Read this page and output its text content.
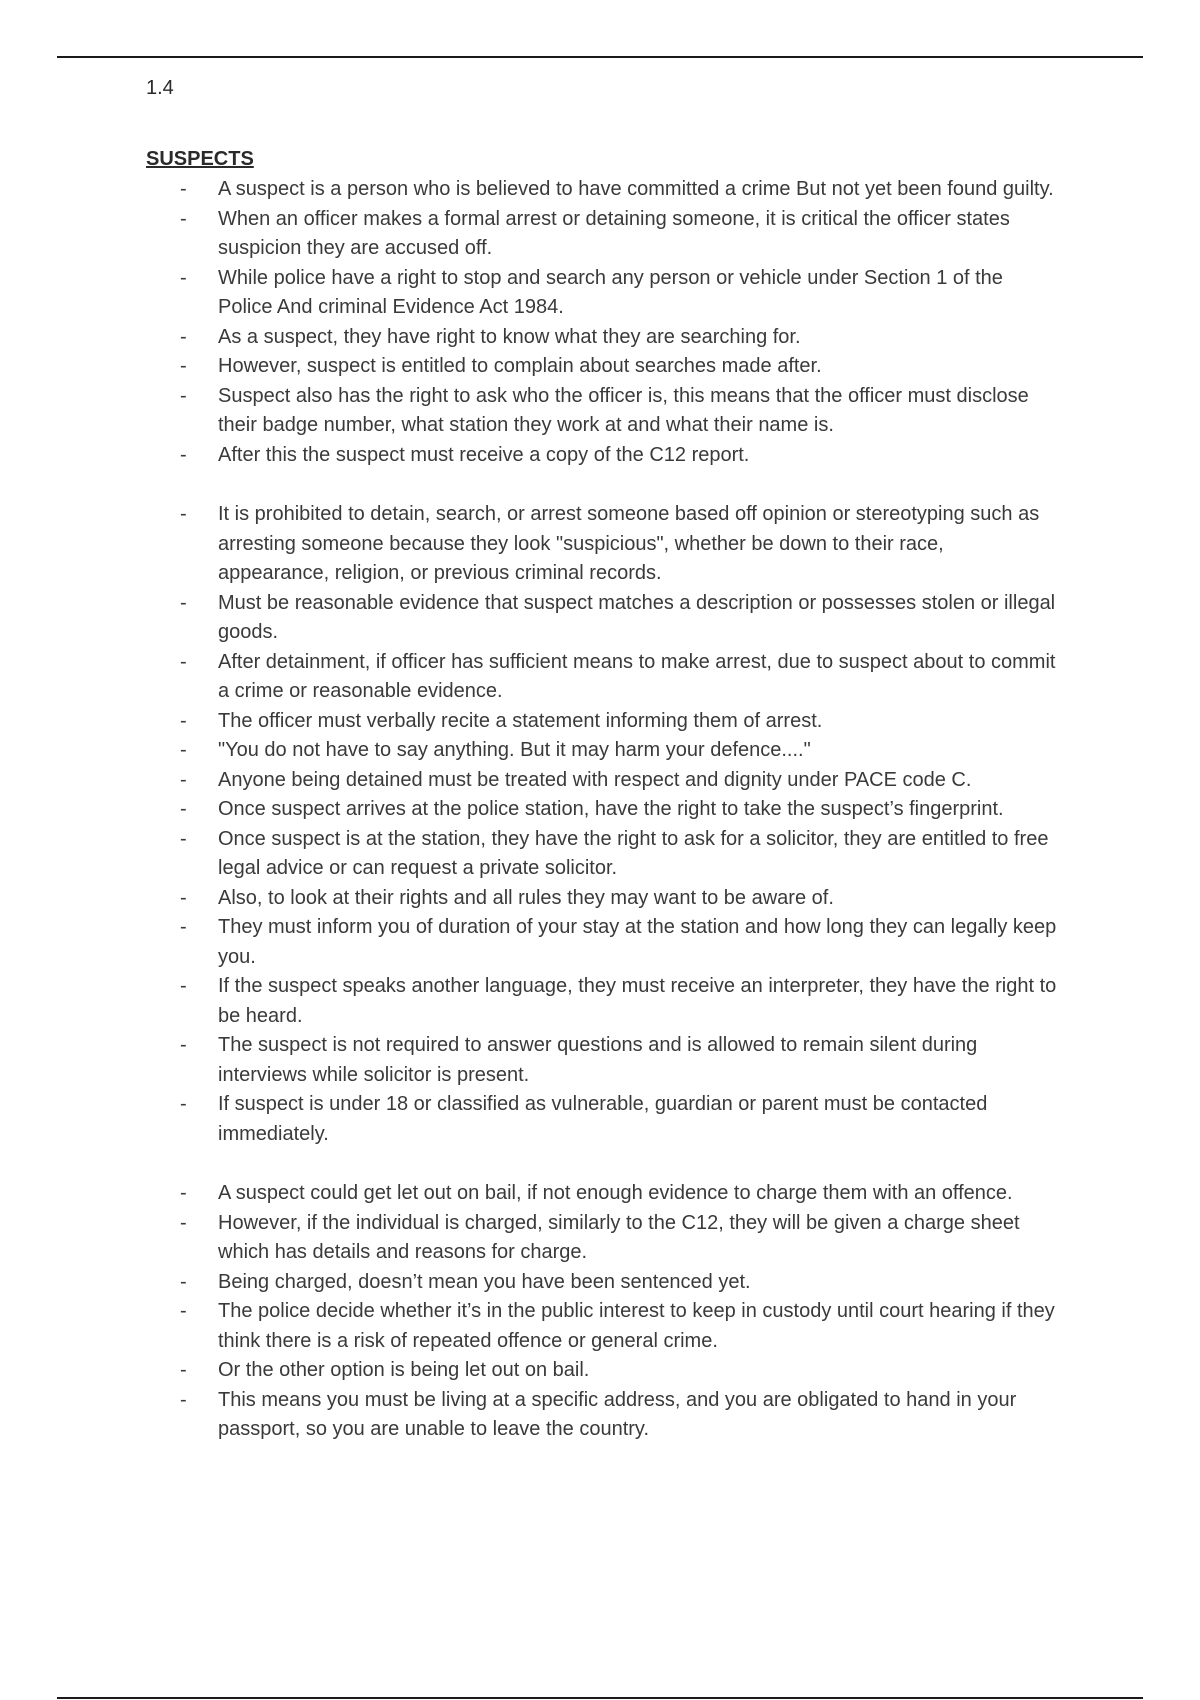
1.4
SUSPECTS
- A suspect is a person who is believed to have committed a crime But not yet been found guilty.
- When an officer makes a formal arrest or detaining someone, it is critical the officer states suspicion they are accused off.
- While police have a right to stop and search any person or vehicle under Section 1 of the Police And criminal Evidence Act 1984.
- As a suspect, they have right to know what they are searching for.
- However, suspect is entitled to complain about searches made after.
- Suspect also has the right to ask who the officer is, this means that the officer must disclose their badge number, what station they work at and what their name is.
- After this the suspect must receive a copy of the C12 report.
- It is prohibited to detain, search, or arrest someone based off opinion or stereotyping such as arresting someone because they look "suspicious", whether be down to their race, appearance, religion, or previous criminal records.
- Must be reasonable evidence that suspect matches a description or possesses stolen or illegal goods.
- After detainment, if officer has sufficient means to make arrest, due to suspect about to commit a crime or reasonable evidence.
- The officer must verbally recite a statement informing them of arrest.
- "You do not have to say anything. But it may harm your defence...."
- Anyone being detained must be treated with respect and dignity under PACE code C.
- Once suspect arrives at the police station, have the right to take the suspect’s fingerprint.
- Once suspect is at the station, they have the right to ask for a solicitor, they are entitled to free legal advice or can request a private solicitor.
- Also, to look at their rights and all rules they may want to be aware of.
- They must inform you of duration of your stay at the station and how long they can legally keep you.
- If the suspect speaks another language, they must receive an interpreter, they have the right to be heard.
- The suspect is not required to answer questions and is allowed to remain silent during interviews while solicitor is present.
- If suspect is under 18 or classified as vulnerable, guardian or parent must be contacted immediately.
- A suspect could get let out on bail, if not enough evidence to charge them with an offence.
- However, if the individual is charged, similarly to the C12, they will be given a charge sheet which has details and reasons for charge.
- Being charged, doesn’t mean you have been sentenced yet.
- The police decide whether it’s in the public interest to keep in custody until court hearing if they think there is a risk of repeated offence or general crime.
- Or the other option is being let out on bail.
- This means you must be living at a specific address, and you are obligated to hand in your passport, so you are unable to leave the country.
